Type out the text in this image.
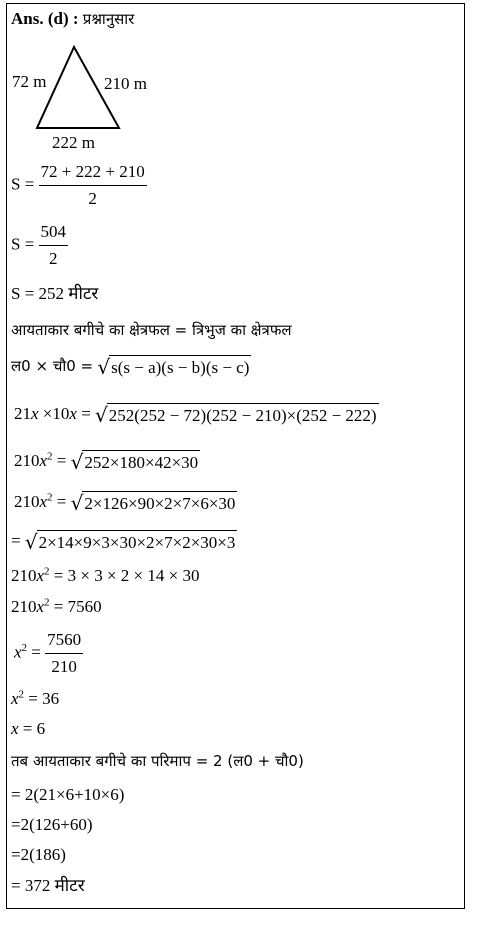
Ans. (d) : प्रश्नानुसार
72 m	210 m
222 m
$S = \frac{72 + 222 + 210}{2}$
$S = \frac{504}{2}$
S = 252 मीटर
आयताकार बगीचे का क्षेत्रफल = त्रिभुज का क्षेत्रफल
ल0 × चौ0 = √ s(s − a)(s − b)(s − c)
21x ×10x = √ 252(252 − 72)(252 − 210)×(252 − 222)
$210x^2$ = √ 252×180×42×30
$210x^2$ = √ 2×126×90×2×7×6×30
= √ 2×14×9×3×30×2×7×2×30×3
$210x^2 = 3 \times 3 \times 2 \times 14 \times 30$
$210x^2 = 7560$
$x^2 = \frac{7560}{210}$
$x^2 = 36$
x = 6
तब आयताकार बगीचे का परिमाप = 2 (ल0 + चौ0)
= 2(21×6+10×6)
=2(126+60)
=2(186)
= 372 मीटर
